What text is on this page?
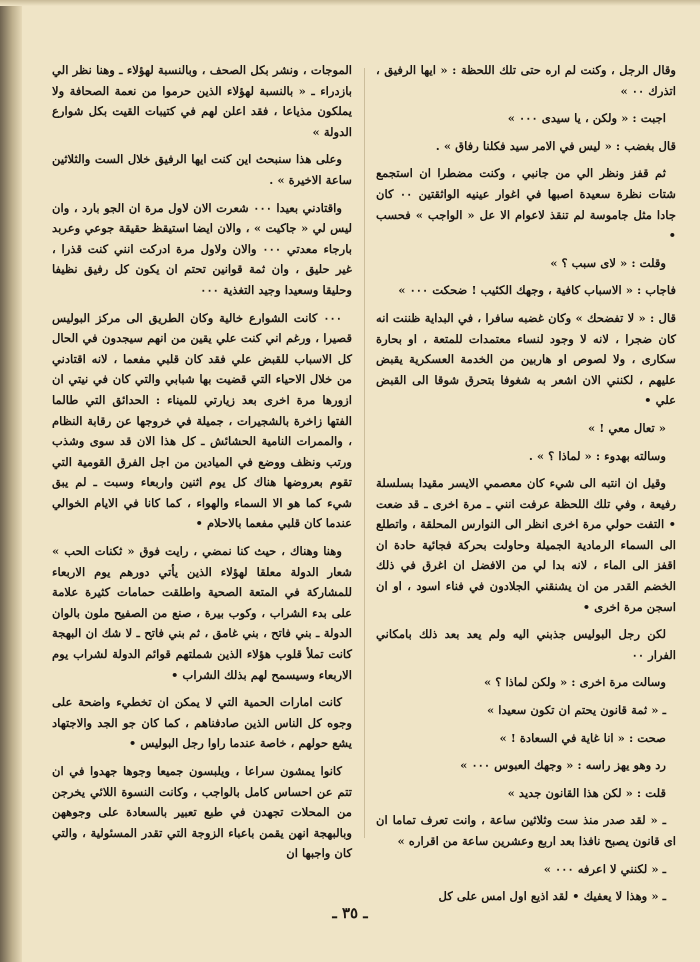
وقال الرجل ، وكنت لم اره حتى تلك اللحظة : « ايها الرفيق ، اتذرك ٠٠ »

اجبت : « ولكن ، يا سيدى ٠٠٠ »

قال بغضب : « ليس في الامر سيد فكلنا رفاق » .

ثم قفز ونظر الي من جانبي ، وكنت مضطرا ان استجمع شتات نظرة سعيدة اصبها في اغوار عينيه الواثقتين ٠٠ كان جادا مثل جاموسة لم تنقذ لاعوام الا عل « الواجب » فحسب •

وقلت : « لاى سبب ؟ »

فاجاب : « الاسباب كافية ، وجهك الكئيب ! ضحكت ٠٠٠ »

قال : « لا تفضحك » وكان غضبه سافرا ، في البداية ظننت انه كان ضجرا ، لانه لا وجود لنساء معتمدات للمتعة ، او بحارة سكارى ، ولا لصوص او هاربين من الخدمة العسكرية يقبض عليهم ، لكنني الان اشعر به شغوفا بتحرق شوقا الى القبض علي •

« تعال معي ! »

وسالته بهدوء : « لماذا ؟ » .

وقيل ان انتبه الى شيء كان معصمي الايسر مقيدا بسلسلة رفيعة ، وفي تلك اللحظة عرفت انني ـ مرة اخرى ـ قد ضعت • التفت حولي مرة اخرى انظر الى النوارس المحلقة ، واتطلع الى السماء الرمادية الجميلة وحاولت بحركة فجائية حادة ان اقفز الى الماء ، لانه بدا لي من الافضل ان اغرق في ذلك الخضم القدر من ان يشنقني الجلادون في فناء اسود ، او ان اسجن مرة اخرى •

لكن رجل البوليس جذبني اليه ولم يعد بعد ذلك بامكاني الفرار ٠٠

وسالت مرة اخرى : « ولكن لماذا ؟ »

ـ « ثمة قانون يحتم ان تكون سعيدا »

صحت : « انا غاية في السعادة ! »

رد وهو يهز راسه : « وجهك العبوس ٠٠٠ »

قلت : « لكن هذا القانون جديد »

ـ « لقد صدر منذ ست وثلاثين ساعة ، وانت تعرف تماما ان اى قانون يصبح نافذا بعد اربع وعشرين ساعة من اقراره »

ـ « لكنني لا اعرفه ٠٠٠ »

ـ « وهذا لا يعفيك • لقد اذيع اول امس على كل

الموجات ، ونشر بكل الصحف ، وبالنسبة لهؤلاء ـ وهنا نظر الي بازدراء ـ « بالنسبة لهؤلاء الذين حرموا من نعمة الصحافة ولا يملكون مذياعا ، فقد اعلن لهم في كتيبات القيت بكل شوارع الدولة »

وعلى هذا سنبحث اين كنت ايها الرفيق خلال الست والثلاثين ساعة الاخيرة » .

واقتادني بعيدا ٠٠٠ شعرت الان لاول مرة ان الجو بارد ، وان ليس لي « جاكيت » ، والان ايضا استيقظ حقيقة جوعي وعربد بارجاء معدتي ٠٠٠ والان ولاول مرة ادركت انني كنت قذرا ، غير حليق ، وان ثمة قوانين تحتم ان يكون كل رفيق نظيفا وحليقا وسعيدا وجيد التغذية ٠٠٠

٠٠٠ كانت الشوارع خالية وكان الطريق الى مركز البوليس قصيرا ، ورغم اني كنت علي يقين من انهم سيجدون في الحال كل الاسباب للقبض علي فقد كان قلبي مفعما ، لانه اقتادني من خلال الاحياء التي قضيت بها شبابي والتي كان في نيتي ان ازورها مرة اخرى بعد زيارتي للميناء : الحدائق التي طالما الفتها زاخرة بالشجيرات ، جميلة في خروجها عن رقابة النظام ، والممرات النامية الحشائش ـ كل هذا الان قد سوى وشذب ورتب ونظف ووضع في الميادين من اجل الفرق القومية التي تقوم بعروضها هناك كل يوم اثنين واربعاء وسبت ـ لم يبق شيء كما هو الا السماء والهواء ، كما كانا في الايام الخوالي عندما كان قلبي مفعما بالاحلام •

وهنا وهناك ، حيث كنا نمضي ، رايت فوق « ثكنات الحب » شعار الدولة معلقا لهؤلاء الذين يأتي دورهم يوم الاربعاء للمشاركة في المتعة الصحية واطلقت حمامات كثيرة علامة على بدء الشراب ، وكوب بيرة ، صنع من الصفيح ملون بالوان الدولة ـ بني فاتح ، بني غامق ، ثم بني فاتح ـ لا شك ان البهجة كانت تملأ قلوب هؤلاء الذين شملتهم قوائم الدولة لشراب يوم الاربعاء وسيسمح لهم بذلك الشراب •

كانت امارات الحمية التي لا يمكن ان تخطيء واضحة على وجوه كل الناس الذين صادفناهم ، كما كان جو الجد والاجتهاد يشع حولهم ، خاصة عندما راوا رجل البوليس •

كانوا يمشون سراعا ، ويلبسون جميعا وجوها جهدوا في ان تتم عن احساس كامل بالواجب ، وكانت النسوة اللائي يخرجن من المحلات تجهدن في طبع تعبير بالسعادة على وجوههن وبالبهجة انهن يقمن باعباء الزوجة التي تقدر المسئولية ، والتي كان واجبها ان

ـ ٣٥ ـ
